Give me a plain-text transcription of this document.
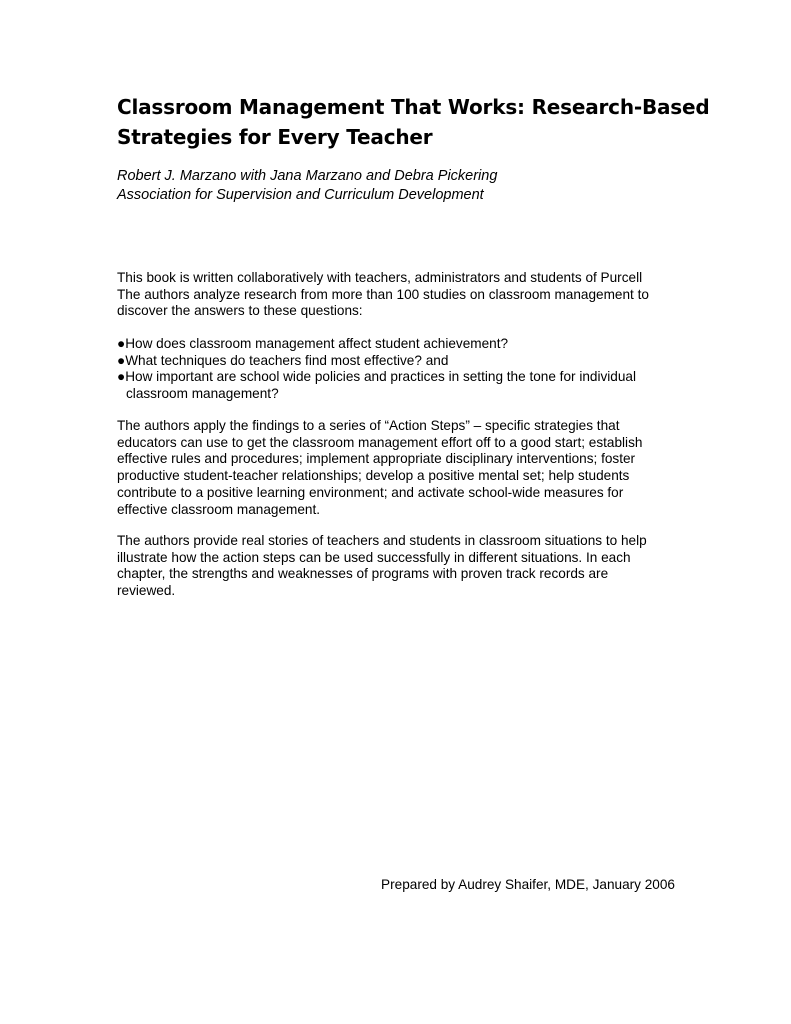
Classroom Management That Works: Research-Based
Strategies for Every Teacher
Robert J. Marzano with Jana Marzano and Debra Pickering
Association for Supervision and Curriculum Development
This book is written collaboratively with teachers, administrators and students of Purcell
The authors analyze research from more than 100 studies on classroom management to
discover the answers to these questions:
●How does classroom management affect student achievement?
●What techniques do teachers find most effective? and
●How important are school wide policies and practices in setting the tone for individual
classroom management?
The authors apply the findings to a series of “Action Steps” – specific strategies that
educators can use to get the classroom management effort off to a good start; establish
effective rules and procedures; implement appropriate disciplinary interventions; foster
productive student-teacher relationships; develop a positive mental set; help students
contribute to a positive learning environment; and activate school-wide measures for
effective classroom management.
The authors provide real stories of teachers and students in classroom situations to help
illustrate how the action steps can be used successfully in different situations. In each
chapter, the strengths and weaknesses of programs with proven track records are
reviewed.
Prepared by Audrey Shaifer, MDE, January 2006
